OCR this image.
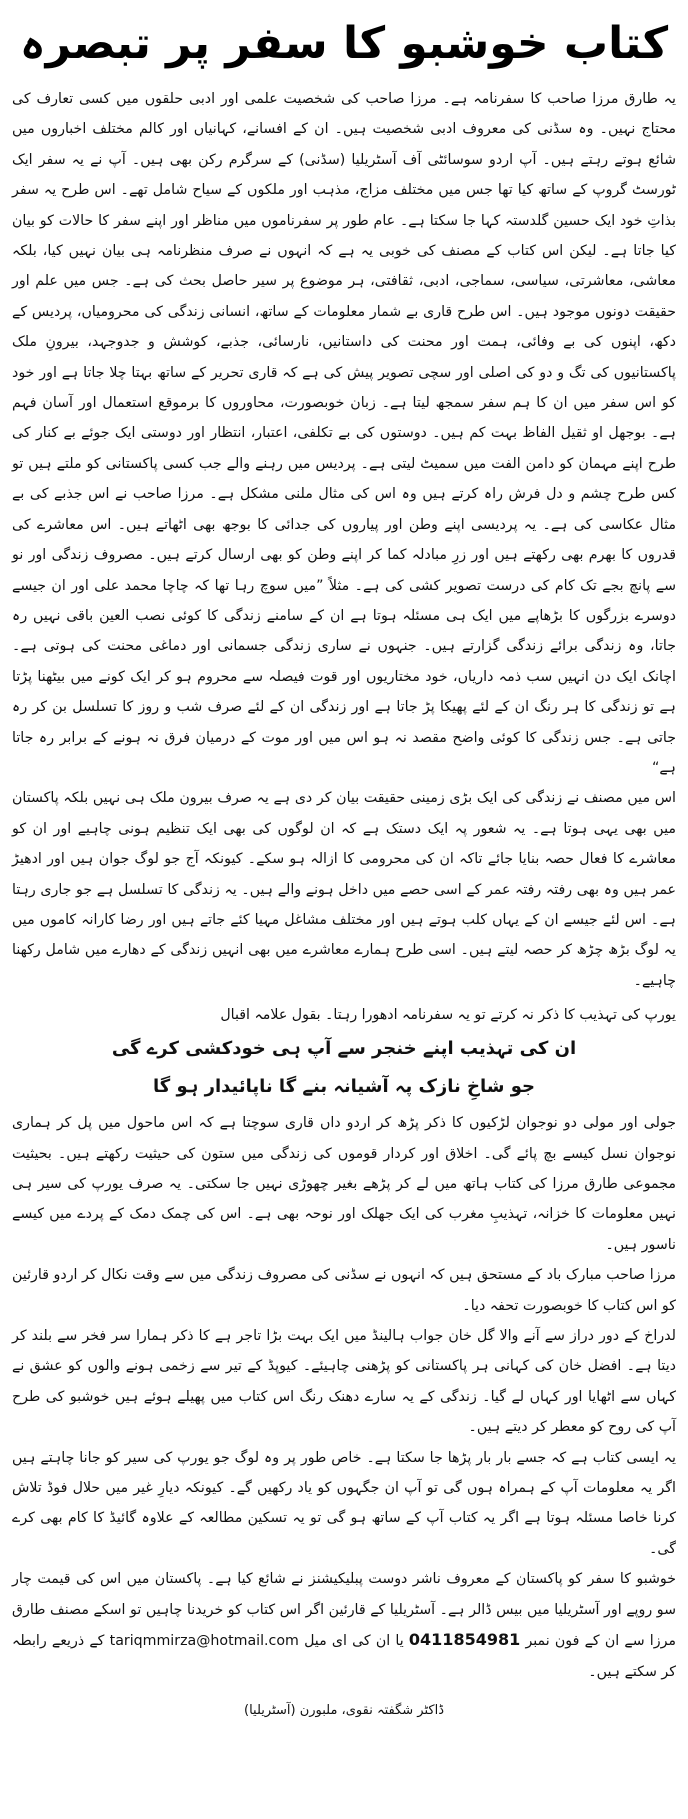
کتاب خوشبو کا سفر پر تبصرہ

یہ طارق مرزا صاحب کا سفرنامہ ہے۔ مرزا صاحب کی شخصیت علمی اور ادبی حلقوں میں کسی تعارف کی محتاج نہیں۔ وہ سڈنی کی معروف ادبی شخصیت ہیں۔ ان کے افسانے، کہانیاں اور کالم مختلف اخباروں میں شائع ہوتے رہتے ہیں۔ آپ اردو سوسائٹی آف آسٹریلیا (سڈنی) کے سرگرم رکن بھی ہیں۔ آپ نے یہ سفر ایک ٹورسٹ گروپ کے ساتھ کیا تھا جس میں مختلف مزاج، مذہب اور ملکوں کے سیاح شامل تھے۔ اس طرح یہ سفر بذاتِ خود ایک حسین گلدستہ کہا جا سکتا ہے۔ عام طور پر سفرناموں میں مناظر اور اپنے سفر کا حالات کو بیان کیا جاتا ہے۔ لیکن اس کتاب کے مصنف کی خوبی یہ ہے کہ انہوں نے صرف منظرنامہ ہی بیان نہیں کیا، بلکہ معاشی، معاشرتی، سیاسی، سماجی، ادبی، ثقافتی، ہر موضوع پر سیر حاصل بحث کی ہے۔ جس میں علم اور حقیقت دونوں موجود ہیں۔ اس طرح قاری بے شمار معلومات کے ساتھ، انسانی زندگی کی محرومیاں، پردیس کے دکھ، اپنوں کی بے وفائی، ہمت اور محنت کی داستانیں، نارسائی، جذبے، کوشش و جدوجہد، بیرونِ ملک پاکستانیوں کی تگ و دو کی اصلی اور سچی تصویر پیش کی ہے کہ قاری تحریر کے ساتھ بہتا چلا جاتا ہے اور خود کو اس سفر میں ان کا ہم سفر سمجھ لیتا ہے۔ زبان خوبصورت، محاوروں کا برموقع استعمال اور آسان فہم ہے۔ بوجھل او ثقیل الفاظ بہت کم ہیں۔ دوستوں کی بے تکلفی، اعتبار، انتظار اور دوستی ایک جوئے بے کنار کی طرح اپنے مہمان کو دامن الفت میں سمیٹ لیتی ہے۔ پردیس میں رہنے والے جب کسی پاکستانی کو ملتے ہیں تو کس طرح چشم و دل فرش راہ کرتے ہیں وہ اس کی مثال ملنی مشکل ہے۔ مرزا صاحب نے اس جذبے کی بے مثال عکاسی کی ہے۔ یہ پردیسی اپنے وطن اور پیاروں کی جدائی کا بوجھ بھی اٹھاتے ہیں۔ اس معاشرے کی قدروں کا بھرم بھی رکھتے ہیں اور زرِ مبادلہ کما کر اپنے وطن کو بھی ارسال کرتے ہیں۔ مصروف زندگی اور نو سے پانچ بجے تک کام کی درست تصویر کشی کی ہے۔ مثلاً ”میں سوچ رہا تھا کہ چاچا محمد علی اور ان جیسے دوسرے بزرگوں کا بڑھاپے میں ایک ہی مسئلہ ہوتا ہے ان کے سامنے زندگی کا کوئی نصب العین باقی نہیں رہ جاتا، وہ زندگی برائے زندگی گزارتے ہیں۔ جنہوں نے ساری زندگی جسمانی اور دماغی محنت کی ہوتی ہے۔ اچانک ایک دن انہیں سب ذمہ داریاں، خود مختاریوں اور قوت فیصلہ سے محروم ہو کر ایک کونے میں بیٹھنا پڑتا ہے تو زندگی کا ہر رنگ ان کے لئے پھیکا پڑ جاتا ہے اور زندگی ان کے لئے صرف شب و روز کا تسلسل بن کر رہ جاتی ہے۔ جس زندگی کا کوئی واضح مقصد نہ ہو اس میں اور موت کے درمیان فرق نہ ہونے کے برابر رہ جاتا ہے“

اس میں مصنف نے زندگی کی ایک بڑی زمینی حقیقت بیان کر دی ہے یہ صرف بیرون ملک ہی نہیں بلکہ پاکستان میں بھی یہی ہوتا ہے۔ یہ شعور پہ ایک دستک ہے کہ ان لوگوں کی بھی ایک تنظیم ہونی چاہیے اور ان کو معاشرے کا فعال حصہ بنایا جائے تاکہ ان کی محرومی کا ازالہ ہو سکے۔ کیونکہ آج جو لوگ جوان ہیں اور ادھیڑ عمر ہیں وہ بھی رفتہ رفتہ عمر کے اسی حصے میں داخل ہونے والے ہیں۔ یہ زندگی کا تسلسل ہے جو جاری رہتا ہے۔ اس لئے جیسے ان کے یہاں کلب ہوتے ہیں اور مختلف مشاغل مہیا کئے جاتے ہیں اور رضا کارانہ کاموں میں یہ لوگ بڑھ چڑھ کر حصہ لیتے ہیں۔ اسی طرح ہمارے معاشرے میں بھی انہیں زندگی کے دھارے میں شامل رکھنا چاہیے۔

یورپ کی تہذیب کا ذکر نہ کرتے تو یہ سفرنامہ ادھورا رہتا۔ بقول علامہ اقبال

ان کی تہذیب اپنے خنجر سے آپ ہی خودکشی کرے گی
جو شاخِ نازک پہ آشیانہ بنے گا ناپائیدار ہو گا

جولی اور مولی دو نوجوان لڑکیوں کا ذکر پڑھ کر اردو داں قاری سوچتا ہے کہ اس ماحول میں پل کر ہماری نوجوان نسل کیسے بچ پائے گی۔ اخلاق اور کردار قوموں کی زندگی میں ستون کی حیثیت رکھتے ہیں۔ بحیثیت مجموعی طارق مرزا کی کتاب ہاتھ میں لے کر پڑھے بغیر چھوڑی نہیں جا سکتی۔ یہ صرف یورپ کی سیر ہی نہیں معلومات کا خزانہ، تہذیبِ مغرب کی ایک جھلک اور نوحہ بھی ہے۔ اس کی چمک دمک کے پردے میں کیسے ناسور ہیں۔

مرزا صاحب مبارک باد کے مستحق ہیں کہ انہوں نے سڈنی کی مصروف زندگی میں سے وقت نکال کر اردو قارئین کو اس کتاب کا خوبصورت تحفہ دیا۔

لدراخ کے دور دراز سے آنے والا گل خان جواب ہالینڈ میں ایک بہت بڑا تاجر ہے کا ذکر ہمارا سر فخر سے بلند کر دیتا ہے۔ افضل خان کی کہانی ہر پاکستانی کو پڑھنی چاہیئے۔ کیوپڈ کے تیر سے زخمی ہونے والوں کو عشق نے کہاں سے اٹھایا اور کہاں لے گیا۔ زندگی کے یہ سارے دھنک رنگ اس کتاب میں پھیلے ہوئے ہیں خوشبو کی طرح آپ کی روح کو معطر کر دیتے ہیں۔

یہ ایسی کتاب ہے کہ جسے بار بار پڑھا جا سکتا ہے۔ خاص طور پر وہ لوگ جو یورپ کی سیر کو جانا چاہتے ہیں اگر یہ معلومات آپ کے ہمراہ ہوں گی تو آپ ان جگہوں کو یاد رکھیں گے۔ کیونکہ دیارِ غیر میں حلال فوڈ تلاش کرنا خاصا مسئلہ ہوتا ہے اگر یہ کتاب آپ کے ساتھ ہو گی تو یہ تسکین مطالعہ کے علاوہ گائیڈ کا کام بھی کرے گی۔

خوشبو کا سفر کو پاکستان کے معروف ناشر دوست پبلیکیشنز نے شائع کیا ہے۔ پاکستان میں اس کی قیمت چار سو روپے اور آسٹریلیا میں بیس ڈالر ہے۔ آسٹریلیا کے قارئین اگر اس کتاب کو خریدنا چاہیں تو اسکے مصنف طارق مرزا سے ان کے فون نمبر 0411854981 یا ان کی ای میل tariqmmirza@hotmail.com کے ذریعے رابطہ کر سکتے ہیں۔

ڈاکٹر شگفتہ نقوی، ملبورن (آسٹریلیا)
